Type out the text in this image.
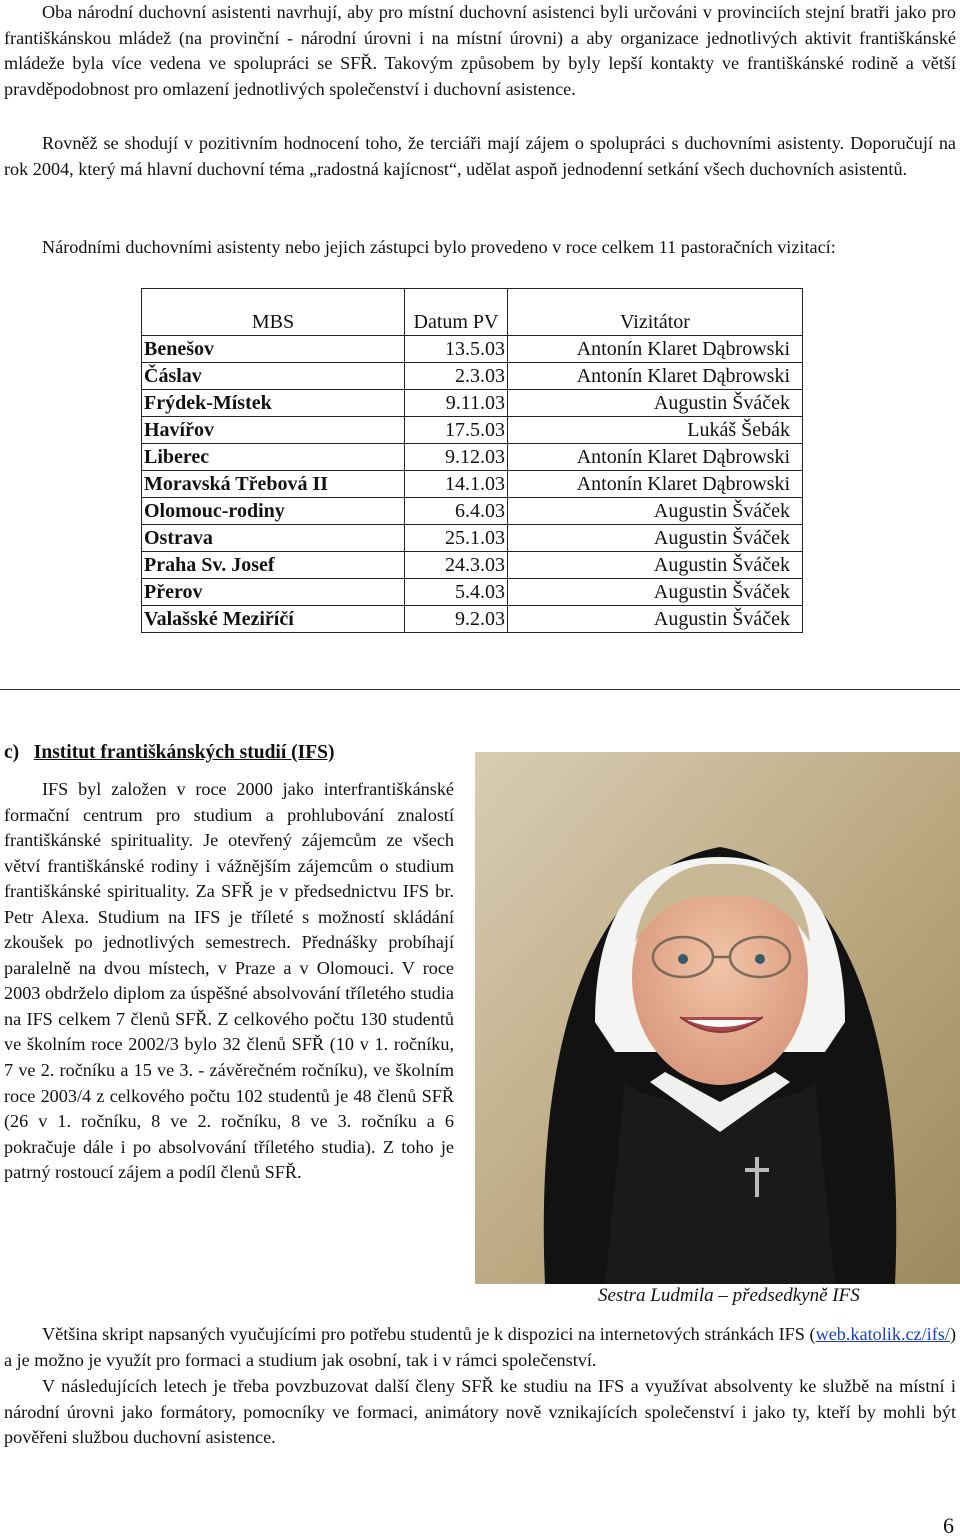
Oba národní duchovní asistenti navrhují, aby pro místní duchovní asistenci byli určováni v provinciích stejní bratři jako pro františkánskou mládež (na provinční - národní úrovni i na místní úrovni) a aby organizace jednotlivých aktivit františkánské mládeže byla více vedena ve spolupráci se SFŘ. Takovým způsobem by byly lepší kontakty ve františkánské rodině a větší pravděpodobnost pro omlazení jednotlivých společenství i duchovní asistence.

Rovněž se shodují v pozitivním hodnocení toho, že terciáři mají zájem o spolupráci s duchovními asistenty. Doporučují na rok 2004, který má hlavní duchovní téma „radostná kajícnost“, udělat aspoň jednodenní setkání všech duchovních asistentů.

Národními duchovními asistenty nebo jejich zástupci bylo provedeno v roce celkem 11 pastoračních vizitací:

MBS	Datum PV	Vizitátor
Benešov	13.5.03	Antonín Klaret Dąbrowski
Čáslav	2.3.03	Antonín Klaret Dąbrowski
Frýdek-Místek	9.11.03	Augustin Šváček
Havířov	17.5.03	Lukáš Šebák
Liberec	9.12.03	Antonín Klaret Dąbrowski
Moravská Třebová II	14.1.03	Antonín Klaret Dąbrowski
Olomouc-rodiny	6.4.03	Augustin Šváček
Ostrava	25.1.03	Augustin Šváček
Praha Sv. Josef	24.3.03	Augustin Šváček
Přerov	5.4.03	Augustin Šváček
Valašské Meziříčí	9.2.03	Augustin Šváček
c) Institut františkánských studií (IFS)

IFS byl založen v roce 2000 jako interfrantiškánské formační centrum pro studium a prohlubování znalostí františkánské spirituality. Je otevřený zájemcům ze všech větví františkánské rodiny i vážnějším zájemcům o studium františkánské spirituality. Za SFŘ je v předsednictvu IFS br. Petr Alexa. Studium na IFS je tříleté s možností skládání zkoušek po jednotlivých semestrech. Přednášky probíhají paralelně na dvou místech, v Praze a v Olomouci. V roce 2003 obdrželo diplom za úspěšné absolvování tříletého studia na IFS celkem 7 členů SFŘ. Z celkového počtu 130 studentů ve školním roce 2002/3 bylo 32 členů SFŘ (10 v 1. ročníku, 7 ve 2. ročníku a 15 ve 3. - závěrečném ročníku), ve školním roce 2003/4 z celkového počtu 102 studentů je 48 členů SFŘ (26 v 1. ročníku, 8 ve 2. ročníku, 8 ve 3. ročníku a 6 pokračuje dále i po absolvování tříletého studia). Z toho je patrný rostoucí zájem a podíl členů SFŘ.

Sestra Ludmila – předsedkyně IFS

Většina skript napsaných vyučujícími pro potřebu studentů je k dispozici na internetových stránkách IFS (web.katolik.cz/ifs/) a je možno je využít pro formaci a studium jak osobní, tak i v rámci společenství.

V následujících letech je třeba povzbuzovat další členy SFŘ ke studiu na IFS a využívat absolventy ke službě na místní i národní úrovni jako formátory, pomocníky ve formaci, animátory nově vznikajících společenství i jako ty, kteří by mohli být pověřeni službou duchovní asistence.

6
